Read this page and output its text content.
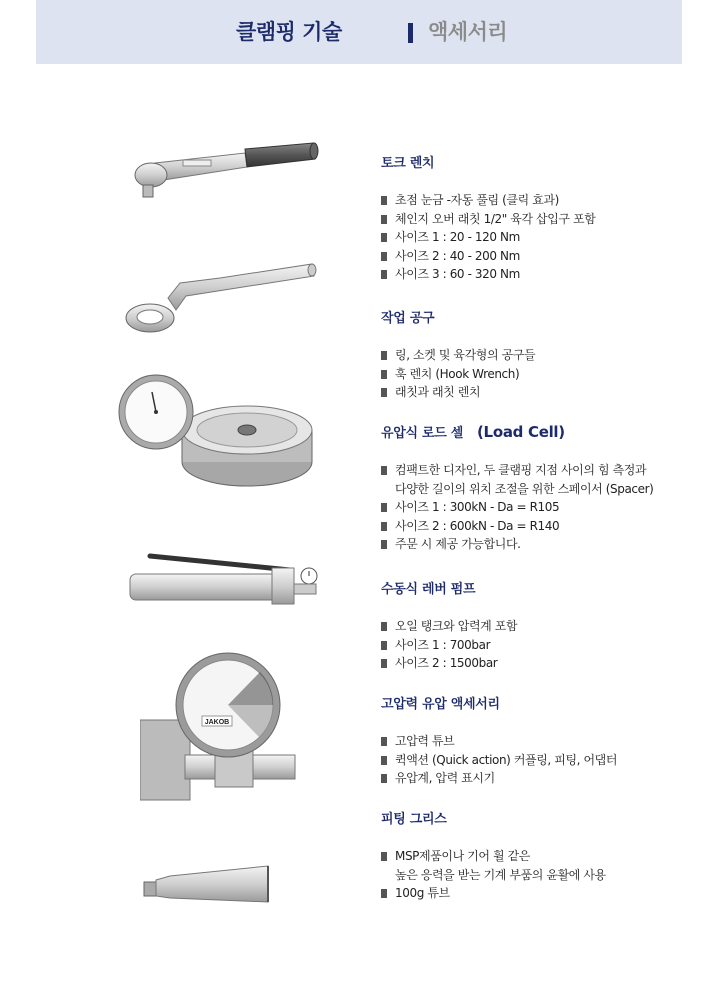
클램핑 기술	액세서리
JAKOB
토크 렌치
초점 눈금 -자동 풀림 (클릭 효과)
체인지 오버 래칫 1/2" 육각 삽입구 포함
사이즈 1 : 20 - 120 Nm
사이즈 2 : 40 - 200 Nm
사이즈 3 : 60 - 320 Nm
작업 공구
링, 소켓 및 육각형의 공구들
훅 렌치 (Hook Wrench)
래칫과 래칫 렌치
유압식 로드 셀 (Load Cell)
컴팩트한 디자인, 두 클램핑 지점 사이의 힘 측정과
다양한 길이의 위치 조절을 위한 스페이서 (Spacer)
사이즈 1 : 300kN - Da = R105
사이즈 2 : 600kN - Da = R140
주문 시 제공 가능합니다.
수동식 레버 펌프
오일 탱크와 압력계 포함
사이즈 1 : 700bar
사이즈 2 : 1500bar
고압력 유압 액세서리
고압력 튜브
퀵액션 (Quick action) 커플링, 피팅, 어댑터
유압계, 압력 표시기
피팅 그리스
MSP제품이나 기어 휠 같은
높은 응력을 받는 기계 부품의 윤활에 사용
100g 튜브
